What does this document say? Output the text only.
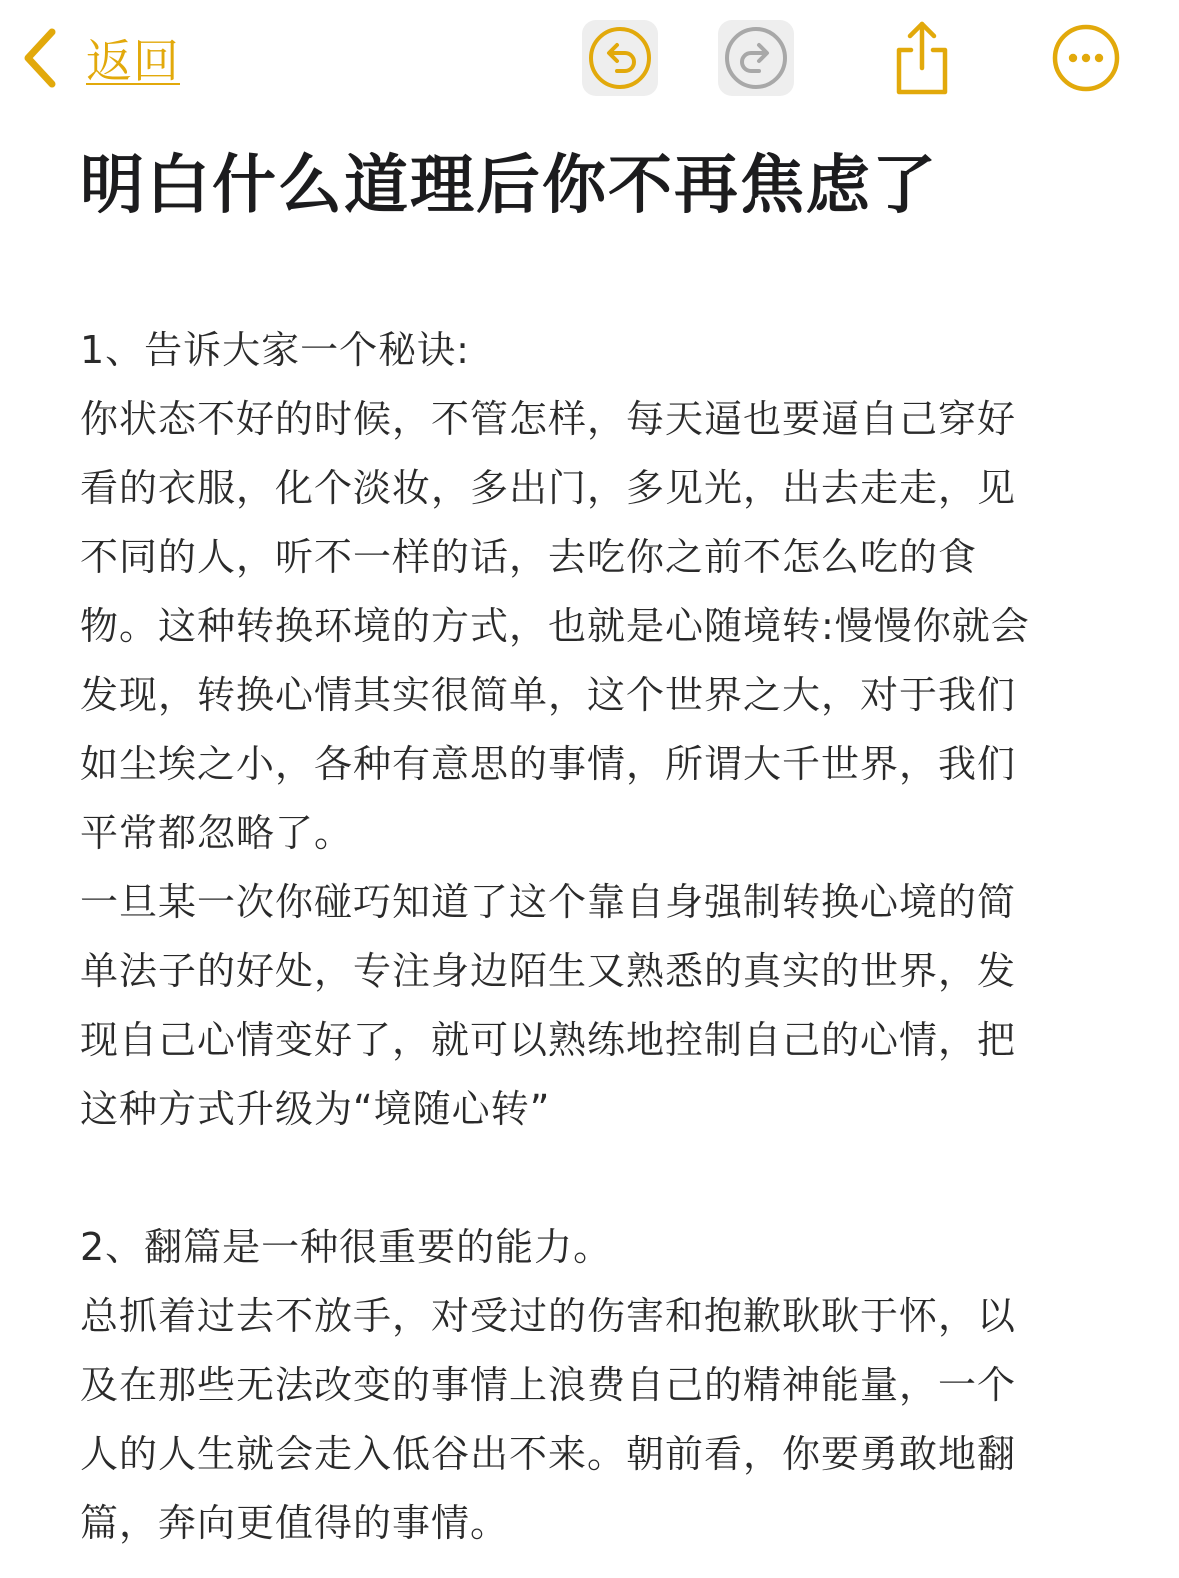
返回
明白什么道理后你不再焦虑了
1、告诉大家一个秘诀:
你状态不好的时候，不管怎样，每天逼也要逼自己穿好
看的衣服，化个淡妆，多出门，多见光，出去走走，见
不同的人，听不一样的话，去吃你之前不怎么吃的食
物。这种转换环境的方式，也就是心随境转:慢慢你就会
发现，转换心情其实很简单，这个世界之大，对于我们
如尘埃之小，各种有意思的事情，所谓大千世界，我们
平常都忽略了。
一旦某一次你碰巧知道了这个靠自身强制转换心境的简
单法子的好处，专注身边陌生又熟悉的真实的世界，发
现自己心情变好了，就可以熟练地控制自己的心情，把
这种方式升级为“境随心转”
2、翻篇是一种很重要的能力。
总抓着过去不放手，对受过的伤害和抱歉耿耿于怀，以
及在那些无法改变的事情上浪费自己的精神能量，一个
人的人生就会走入低谷出不来。朝前看，你要勇敢地翻
篇，奔向更值得的事情。
